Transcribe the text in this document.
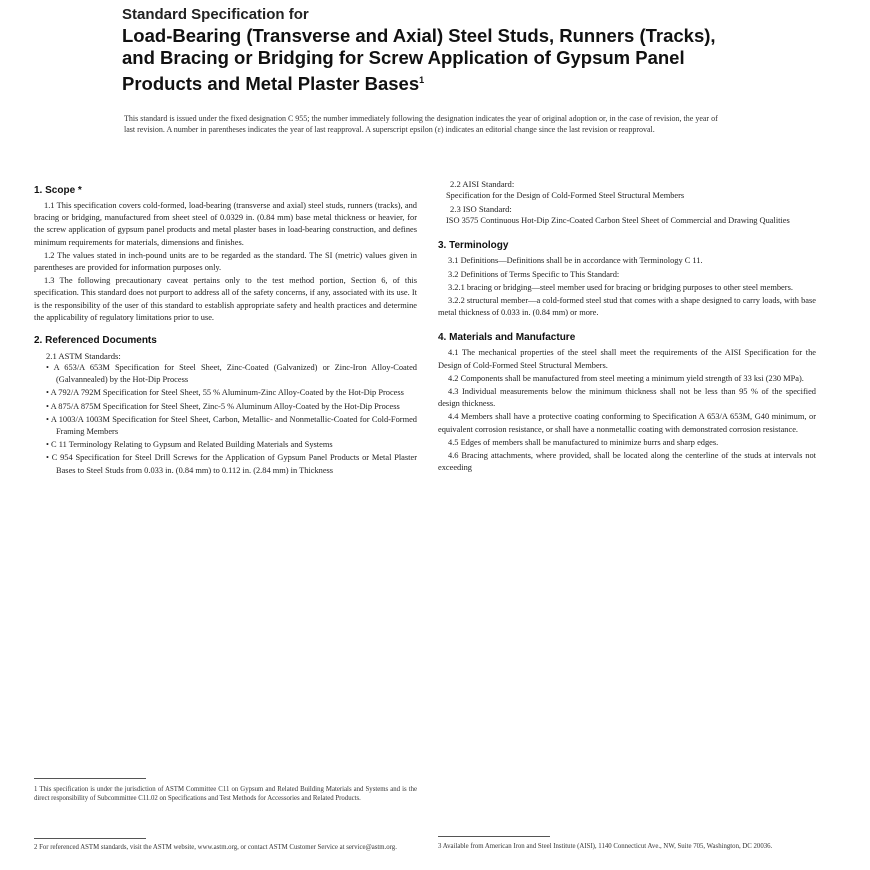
Standard Specification for
Load-Bearing (Transverse and Axial) Steel Studs, Runners (Tracks), and Bracing or Bridging for Screw Application of Gypsum Panel Products and Metal Plaster Bases$^1$
This standard is issued under the fixed designation C 955; the number immediately following the designation indicates the year of original adoption or, in the case of revision, the year of last revision. A number in parentheses indicates the year of last reapproval. A superscript epsilon (ε) indicates an editorial change since the last revision or reapproval.
1. Scope *

1.1 This specification covers cold-formed, load-bearing (transverse and axial) steel studs, runners (tracks), and bracing or bridging, manufactured from sheet steel of 0.0329 in. (0.84 mm) base metal thickness or heavier, for the screw application of gypsum panel products and metal plaster bases in load-bearing construction, and defines minimum requirements for materials, dimensions and finishes.

1.2 The values stated in inch-pound units are to be regarded as the standard. The SI (metric) values given in parentheses are provided for information purposes only.

1.3 The following precautionary caveat pertains only to the test method portion, Section 6, of this specification. This standard does not purport to address all of the safety concerns, if any, associated with its use. It is the responsibility of the user of this standard to establish appropriate safety and health practices and determine the applicability of regulatory limitations prior to use.

2. Referenced Documents
2.1 ASTM Standards:
• A 653/A 653M Specification for Steel Sheet, Zinc-Coated (Galvanized) or Zinc-Iron Alloy-Coated (Galvannealed) by the Hot-Dip Process
• A 792/A 792M Specification for Steel Sheet, 55 % Aluminum-Zinc Alloy-Coated by the Hot-Dip Process
• A 875/A 875M Specification for Steel Sheet, Zinc-5 % Aluminum Alloy-Coated by the Hot-Dip Process
• A 1003/A 1003M Specification for Steel Sheet, Carbon, Metallic- and Nonmetallic-Coated for Cold-Formed Framing Members
• C 11 Terminology Relating to Gypsum and Related Building Materials and Systems
• C 954 Specification for Steel Drill Screws for the Application of Gypsum Panel Products or Metal Plaster Bases to Steel Studs from 0.033 in. (0.84 mm) to 0.112 in. (2.84 mm) in Thickness
1 This specification is under the jurisdiction of ASTM Committee C11 on Gypsum and Related Building Materials and Systems and is the direct responsibility of Subcommittee C11.02 on Specifications and Test Methods for Accessories and Related Products.
2 For referenced ASTM standards, visit the ASTM website, www.astm.org, or contact ASTM Customer Service at service@astm.org.
2.2 AISI Standard:

Specification for the Design of Cold-Formed Steel Structural Members

2.3 ISO Standard:

ISO 3575 Continuous Hot-Dip Zinc-Coated Carbon Steel Sheet of Commercial and Drawing Qualities

3. Terminology

3.1 Definitions—Definitions shall be in accordance with Terminology C 11.

3.2 Definitions of Terms Specific to This Standard:

3.2.1 bracing or bridging—steel member used for bracing or bridging purposes to other steel members.

3.2.2 structural member—a cold-formed steel stud that comes with a shape designed to carry loads, with base metal thickness of 0.033 in. (0.84 mm) or more.

4. Materials and Manufacture

4.1 The mechanical properties of the steel shall meet the requirements of the AISI Specification for the Design of Cold-Formed Steel Structural Members.

4.2 Components shall be manufactured from steel meeting a minimum yield strength of 33 ksi (230 MPa).

4.3 Individual measurements below the minimum thickness shall not be less than 95 % of the specified design thickness.

4.4 Members shall have a protective coating conforming to Specification A 653/A 653M, G40 minimum, or equivalent corrosion resistance, or shall have a nonmetallic coating with demonstrated corrosion resistance.

4.5 Edges of members shall be manufactured to minimize burrs and sharp edges.

4.6 Bracing attachments, where provided, shall be located along the centerline of the studs at intervals not exceeding

3 Available from American Iron and Steel Institute (AISI), 1140 Connecticut Ave., NW, Suite 705, Washington, DC 20036.
